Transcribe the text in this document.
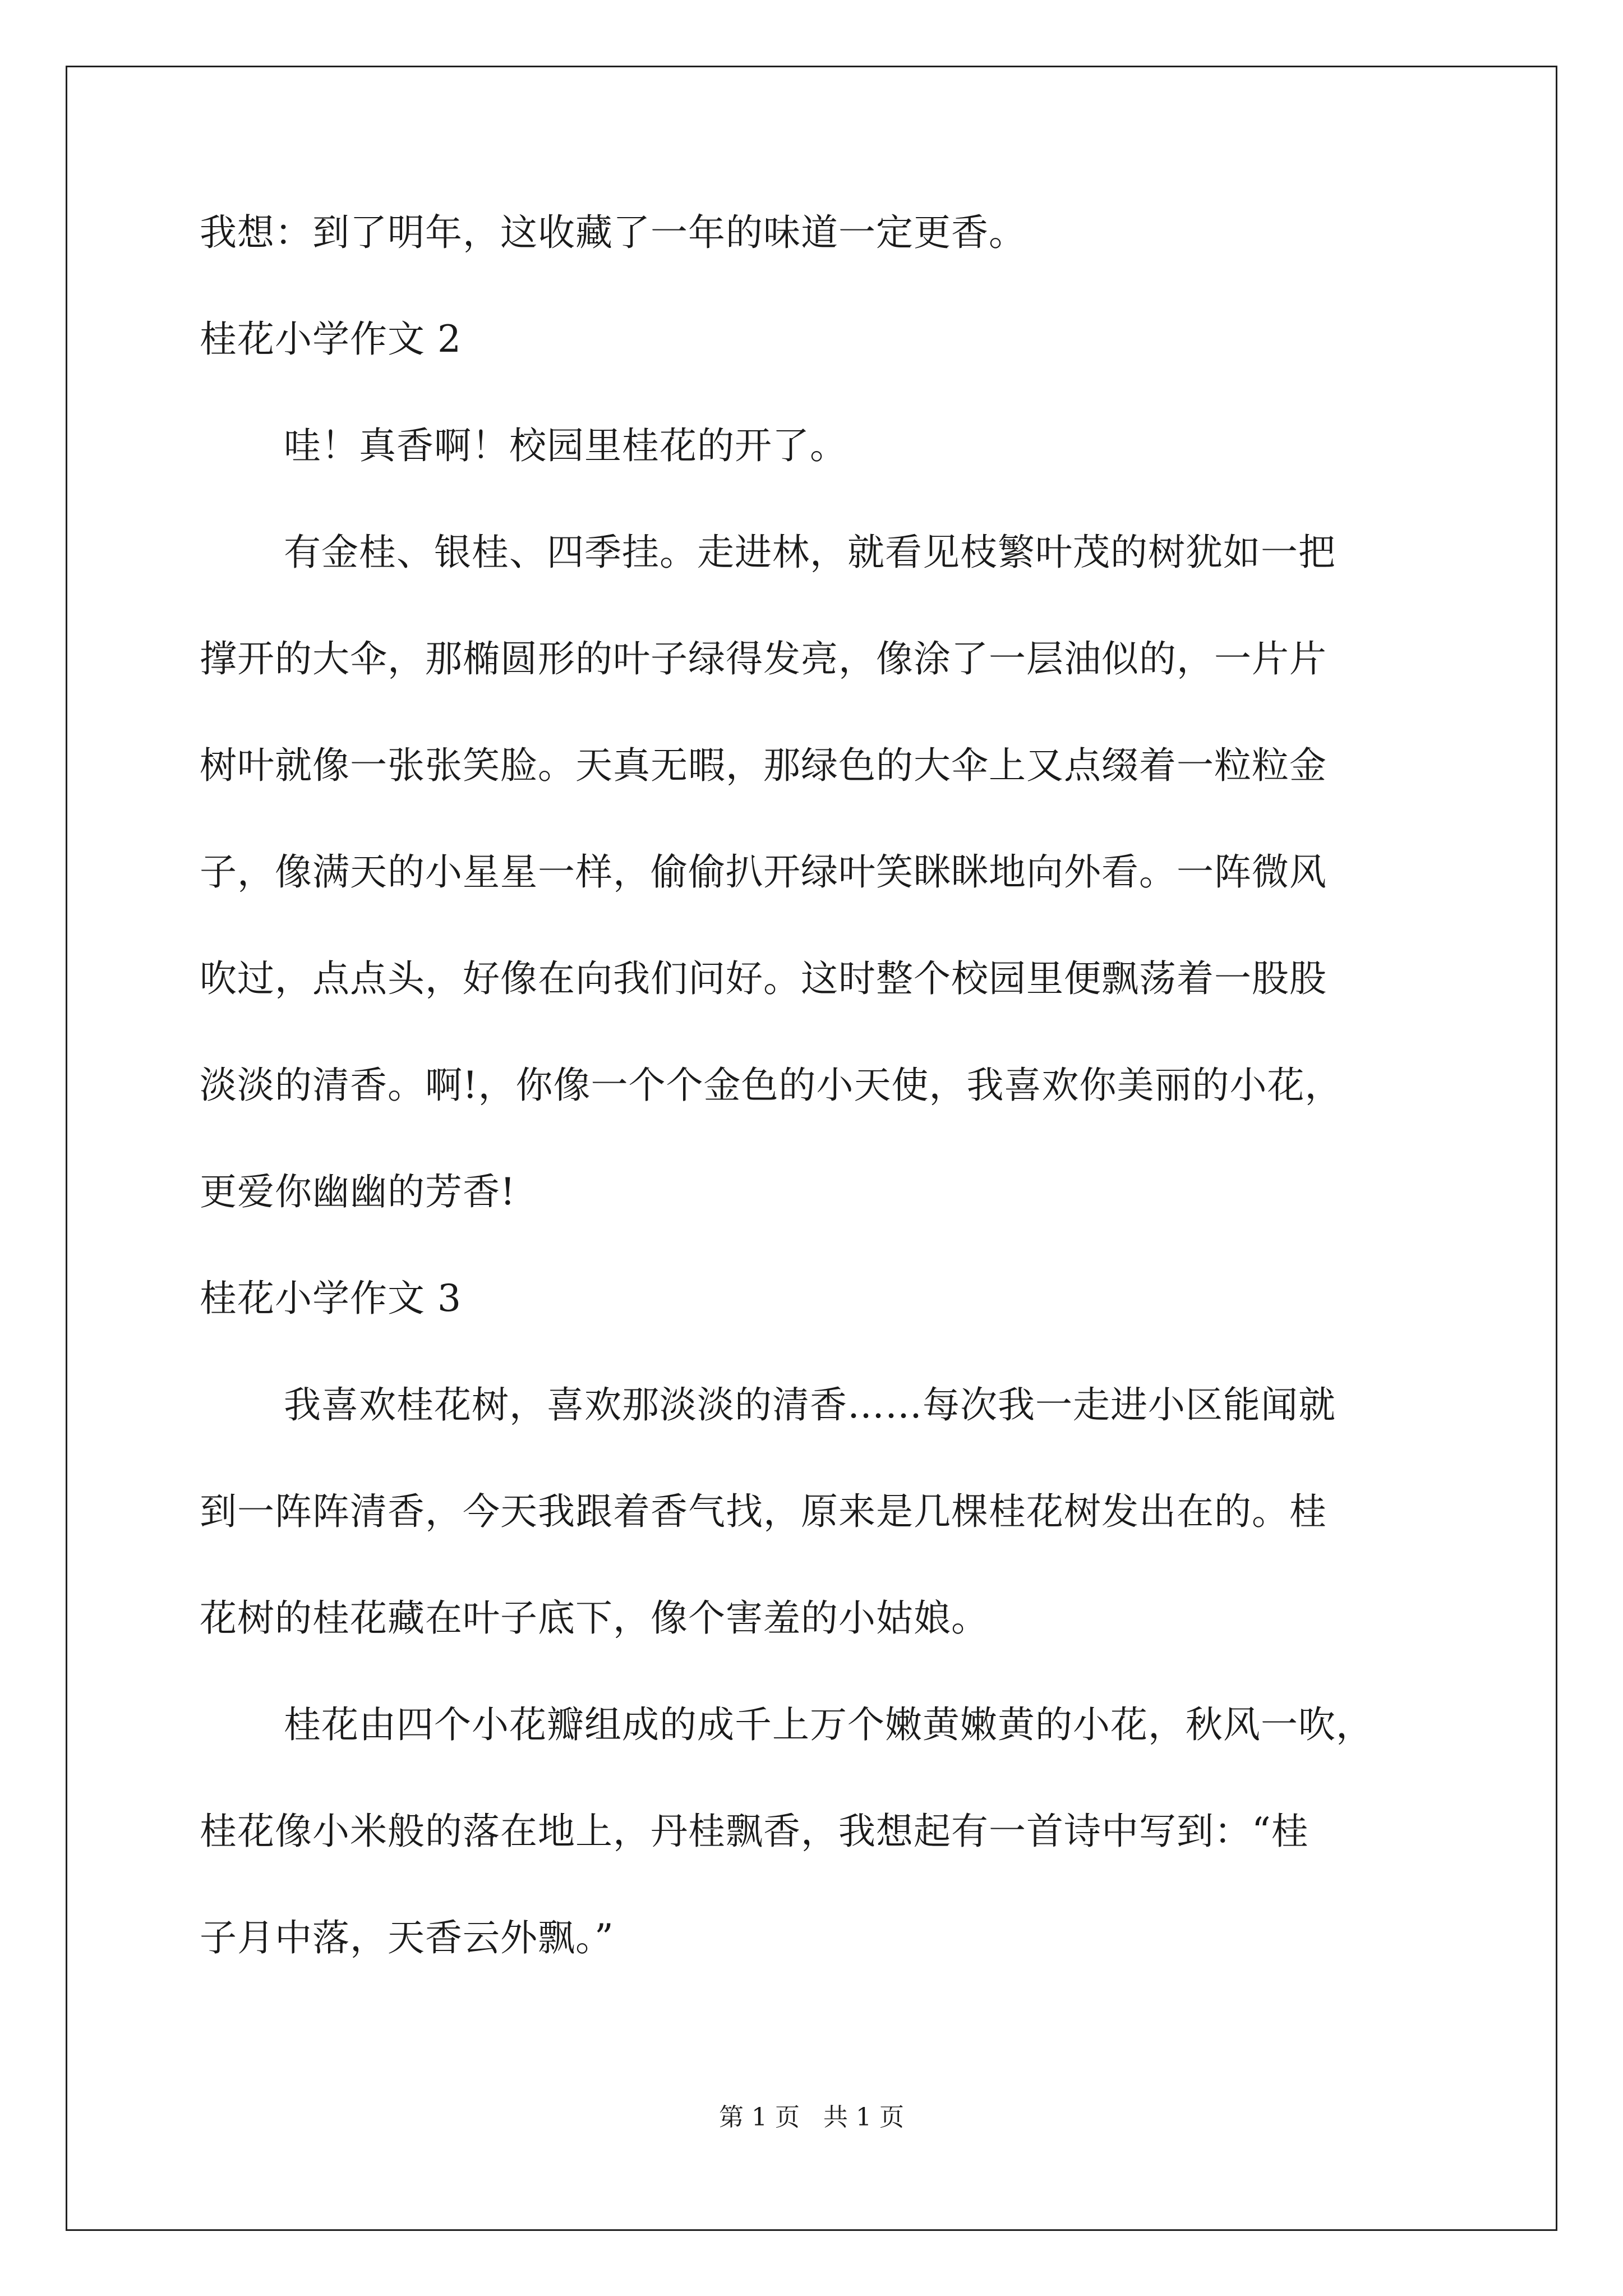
我想：到了明年，这收藏了一年的味道一定更香。
桂花小学作文 2
哇！真香啊！校园里桂花的开了。
有金桂、银桂、四季挂。走进林，就看见枝繁叶茂的树犹如一把
撑开的大伞，那椭圆形的叶子绿得发亮，像涂了一层油似的，一片片
树叶就像一张张笑脸。天真无暇，那绿色的大伞上又点缀着一粒粒金
子，像满天的小星星一样，偷偷扒开绿叶笑眯眯地向外看。一阵微风
吹过，点点头，好像在向我们问好。这时整个校园里便飘荡着一股股
淡淡的清香。啊!，你像一个个金色的小天使，我喜欢你美丽的小花，
更爱你幽幽的芳香!
桂花小学作文 3
我喜欢桂花树，喜欢那淡淡的清香……每次我一走进小区能闻就
到一阵阵清香，今天我跟着香气找，原来是几棵桂花树发出在的。桂
花树的桂花藏在叶子底下，像个害羞的小姑娘。
桂花由四个小花瓣组成的成千上万个嫩黄嫩黄的小花，秋风一吹，
桂花像小米般的落在地上，丹桂飘香，我想起有一首诗中写到：“桂
子月中落，天香云外飘。”
第 1 页   共 1 页
